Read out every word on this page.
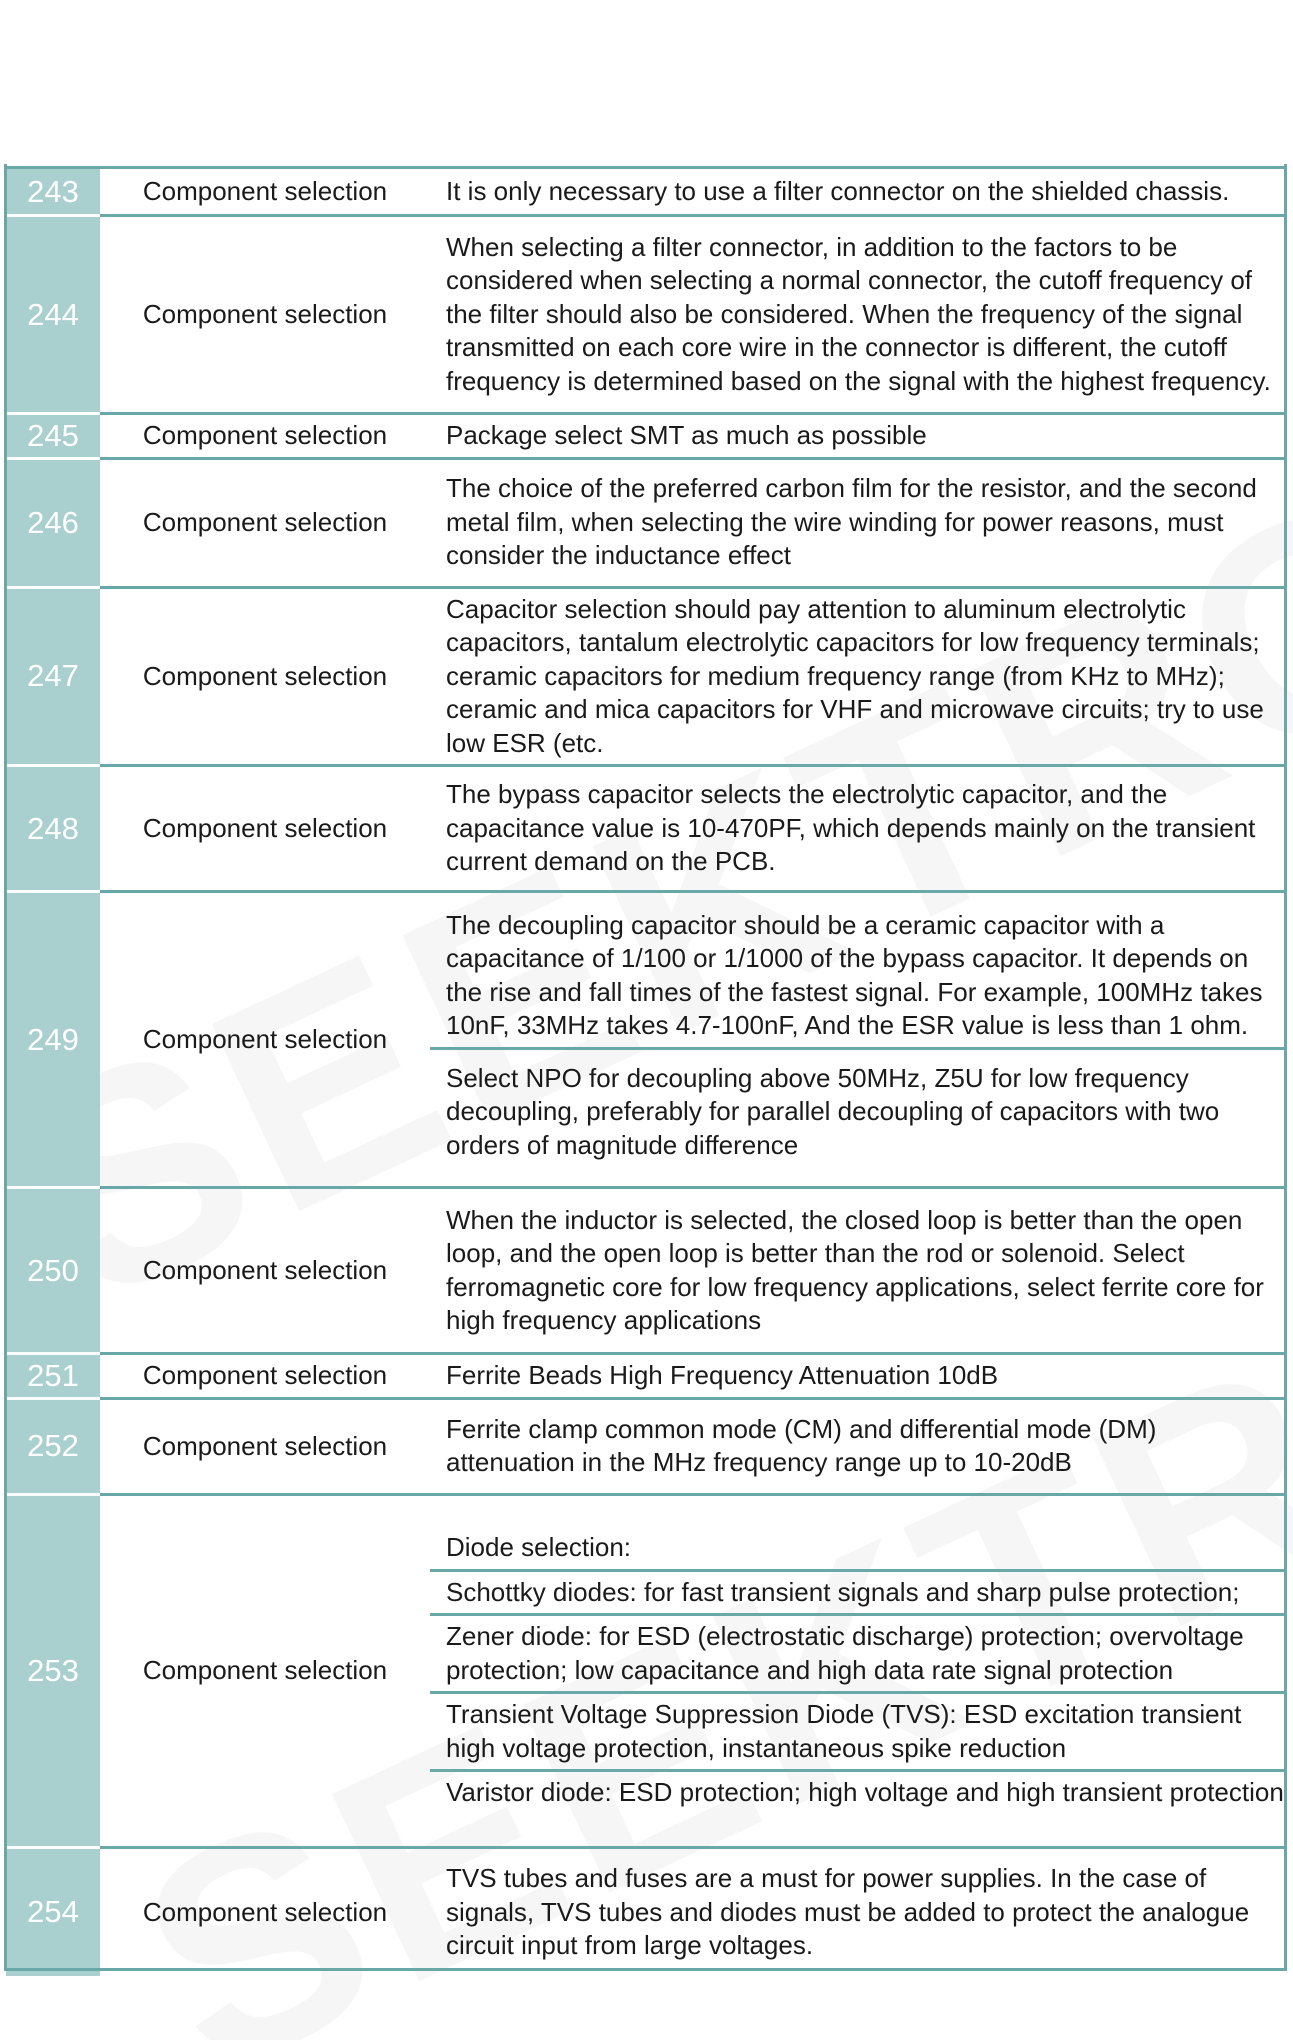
243	Component selection	It is only necessary to use a filter connector on the shielded chassis.

244	Component selection	When selecting a filter connector, in addition to the factors to be considered when selecting a normal connector, the cutoff frequency of the filter should also be considered. When the frequency of the signal transmitted on each core wire in the connector is different, the cutoff frequency is determined based on the signal with the highest frequency.

245	Component selection	Package select SMT as much as possible

246	Component selection	The choice of the preferred carbon film for the resistor, and the second metal film, when selecting the wire winding for power reasons, must consider the inductance effect

247	Component selection	Capacitor selection should pay attention to aluminum electrolytic capacitors, tantalum electrolytic capacitors for low frequency terminals; ceramic capacitors for medium frequency range (from KHz to MHz); ceramic and mica capacitors for VHF and microwave circuits; try to use low ESR (etc.

248	Component selection	The bypass capacitor selects the electrolytic capacitor, and the capacitance value is 10-470PF, which depends mainly on the transient current demand on the PCB.

249	Component selection	The decoupling capacitor should be a ceramic capacitor with a capacitance of 1/100 or 1/1000 of the bypass capacitor. It depends on the rise and fall times of the fastest signal. For example, 100MHz takes 10nF, 33MHz takes 4.7-100nF, And the ESR value is less than 1 ohm.
Select NPO for decoupling above 50MHz, Z5U for low frequency decoupling, preferably for parallel decoupling of capacitors with two orders of magnitude difference

250	Component selection	When the inductor is selected, the closed loop is better than the open loop, and the open loop is better than the rod or solenoid. Select ferromagnetic core for low frequency applications, select ferrite core for high frequency applications

251	Component selection	Ferrite Beads High Frequency Attenuation 10dB

252	Component selection	Ferrite clamp common mode (CM) and differential mode (DM) attenuation in the MHz frequency range up to 10-20dB

253	Component selection	Diode selection:
Schottky diodes: for fast transient signals and sharp pulse protection;
Zener diode: for ESD (electrostatic discharge) protection; overvoltage protection; low capacitance and high data rate signal protection
Transient Voltage Suppression Diode (TVS): ESD excitation transient high voltage protection, instantaneous spike reduction
Varistor diode: ESD protection; high voltage and high transient protection

254	Component selection	TVS tubes and fuses are a must for power supplies. In the case of signals, TVS tubes and diodes must be added to protect the analogue circuit input from large voltages.
